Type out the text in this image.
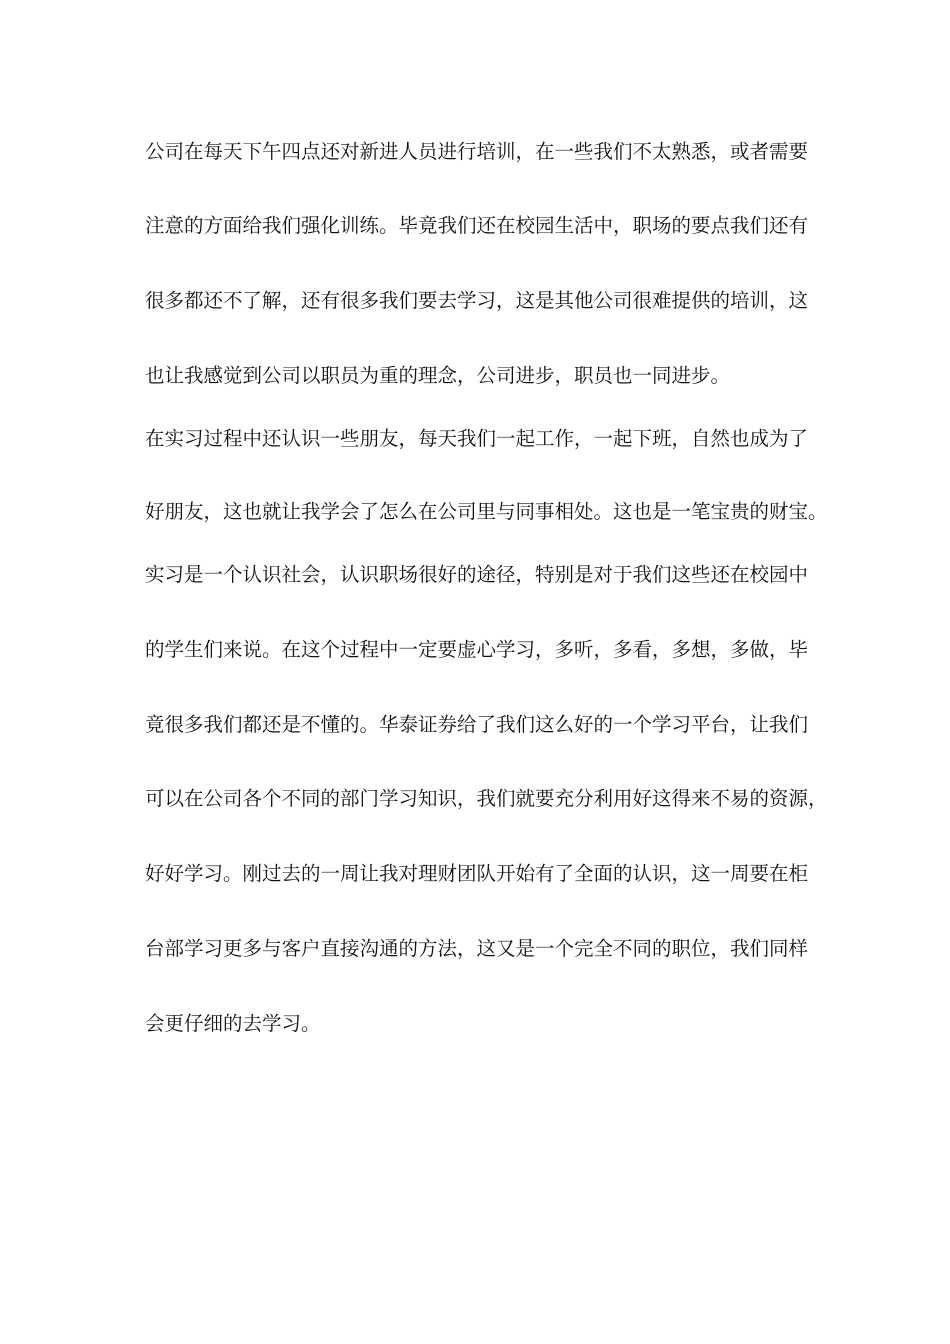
公司在每天下午四点还对新进人员进行培训，在一些我们不太熟悉，或者需要
注意的方面给我们强化训练。毕竟我们还在校园生活中，职场的要点我们还有
很多都还不了解，还有很多我们要去学习，这是其他公司很难提供的培训，这
也让我感觉到公司以职员为重的理念，公司进步，职员也一同进步。
在实习过程中还认识一些朋友，每天我们一起工作，一起下班，自然也成为了
好朋友，这也就让我学会了怎么在公司里与同事相处。这也是一笔宝贵的财宝。
实习是一个认识社会，认识职场很好的途径，特别是对于我们这些还在校园中
的学生们来说。在这个过程中一定要虚心学习，多听，多看，多想，多做，毕
竟很多我们都还是不懂的。华泰证券给了我们这么好的一个学习平台，让我们
可以在公司各个不同的部门学习知识，我们就要充分利用好这得来不易的资源，
好好学习。刚过去的一周让我对理财团队开始有了全面的认识，这一周要在柜
台部学习更多与客户直接沟通的方法，这又是一个完全不同的职位，我们同样
会更仔细的去学习。
